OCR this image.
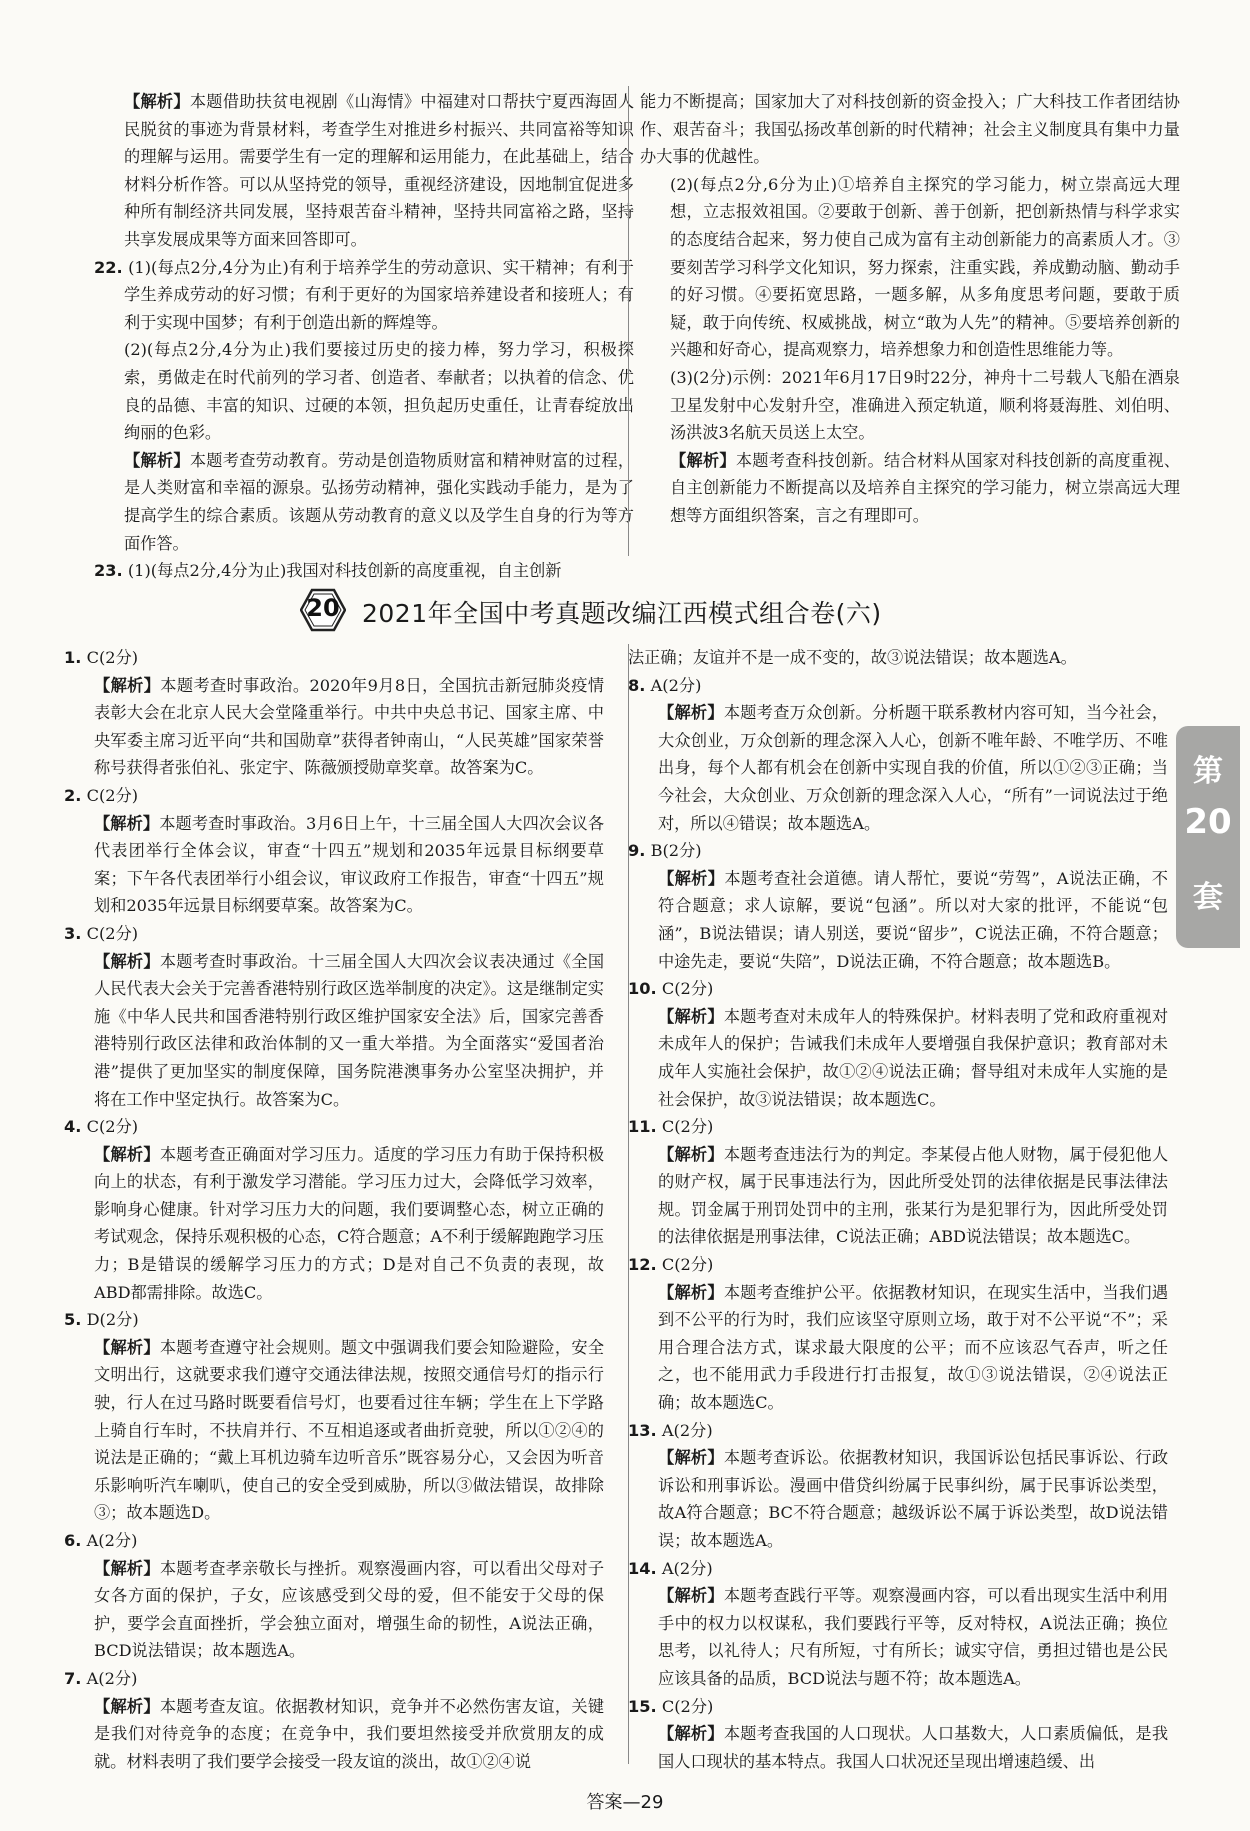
【解析】本题借助扶贫电视剧《山海情》中福建对口帮扶宁夏西海固人民脱贫的事迹为背景材料，考查学生对推进乡村振兴、共同富裕等知识的理解与运用。需要学生有一定的理解和运用能力，在此基础上，结合材料分析作答。可以从坚持党的领导，重视经济建设，因地制宜促进多种所有制经济共同发展，坚持艰苦奋斗精神，坚持共同富裕之路，坚持共享发展成果等方面来回答即可。

22. (1)(每点2分,4分为止)有利于培养学生的劳动意识、实干精神；有利于学生养成劳动的好习惯；有利于更好的为国家培养建设者和接班人；有利于实现中国梦；有利于创造出新的辉煌等。

(2)(每点2分,4分为止)我们要接过历史的接力棒，努力学习，积极探索，勇做走在时代前列的学习者、创造者、奉献者；以执着的信念、优良的品德、丰富的知识、过硬的本领，担负起历史重任，让青春绽放出绚丽的色彩。

【解析】本题考查劳动教育。劳动是创造物质财富和精神财富的过程，是人类财富和幸福的源泉。弘扬劳动精神，强化实践动手能力，是为了提高学生的综合素质。该题从劳动教育的意义以及学生自身的行为等方面作答。

23. (1)(每点2分,4分为止)我国对科技创新的高度重视，自主创新

能力不断提高；国家加大了对科技创新的资金投入；广大科技工作者团结协作、艰苦奋斗；我国弘扬改革创新的时代精神；社会主义制度具有集中力量办大事的优越性。

(2)(每点2分,6分为止)①培养自主探究的学习能力，树立崇高远大理想，立志报效祖国。②要敢于创新、善于创新，把创新热情与科学求实的态度结合起来，努力使自己成为富有主动创新能力的高素质人才。③要刻苦学习科学文化知识，努力探索，注重实践，养成勤动脑、勤动手的好习惯。④要拓宽思路，一题多解，从多角度思考问题，要敢于质疑，敢于向传统、权威挑战，树立“敢为人先”的精神。⑤要培养创新的兴趣和好奇心，提高观察力，培养想象力和创造性思维能力等。

(3)(2分)示例：2021年6月17日9时22分，神舟十二号载人飞船在酒泉卫星发射中心发射升空，准确进入预定轨道，顺利将聂海胜、刘伯明、汤洪波3名航天员送上太空。

【解析】本题考查科技创新。结合材料从国家对科技创新的高度重视、自主创新能力不断提高以及培养自主探究的学习能力，树立崇高远大理想等方面组织答案，言之有理即可。

20 2021年全国中考真题改编江西模式组合卷(六)

1. C(2分)

【解析】本题考查时事政治。2020年9月8日，全国抗击新冠肺炎疫情表彰大会在北京人民大会堂隆重举行。中共中央总书记、国家主席、中央军委主席习近平向“共和国勋章”获得者钟南山，“人民英雄”国家荣誉称号获得者张伯礼、张定宇、陈薇颁授勋章奖章。故答案为C。

2. C(2分)

【解析】本题考查时事政治。3月6日上午，十三届全国人大四次会议各代表团举行全体会议，审查“十四五”规划和2035年远景目标纲要草案；下午各代表团举行小组会议，审议政府工作报告，审查“十四五”规划和2035年远景目标纲要草案。故答案为C。

3. C(2分)

【解析】本题考查时事政治。十三届全国人大四次会议表决通过《全国人民代表大会关于完善香港特别行政区选举制度的决定》。这是继制定实施《中华人民共和国香港特别行政区维护国家安全法》后，国家完善香港特别行政区法律和政治体制的又一重大举措。为全面落实“爱国者治港”提供了更加坚实的制度保障，国务院港澳事务办公室坚决拥护，并将在工作中坚定执行。故答案为C。

4. C(2分)

【解析】本题考查正确面对学习压力。适度的学习压力有助于保持积极向上的状态，有利于激发学习潜能。学习压力过大，会降低学习效率，影响身心健康。针对学习压力大的问题，我们要调整心态，树立正确的考试观念，保持乐观积极的心态，C符合题意；A不利于缓解跑跑学习压力；B是错误的缓解学习压力的方式；D是对自己不负责的表现，故ABD都需排除。故选C。

5. D(2分)

【解析】本题考查遵守社会规则。题文中强调我们要会知险避险，安全文明出行，这就要求我们遵守交通法律法规，按照交通信号灯的指示行驶，行人在过马路时既要看信号灯，也要看过往车辆；学生在上下学路上骑自行车时，不扶肩并行、不互相追逐或者曲折竞驶，所以①②④的说法是正确的；“戴上耳机边骑车边听音乐”既容易分心，又会因为听音乐影响听汽车喇叭，使自己的安全受到威胁，所以③做法错误，故排除③；故本题选D。

6. A(2分)

【解析】本题考查孝亲敬长与挫折。观察漫画内容，可以看出父母对子女各方面的保护，子女，应该感受到父母的爱，但不能安于父母的保护，要学会直面挫折，学会独立面对，增强生命的韧性，A说法正确，BCD说法错误；故本题选A。

7. A(2分)

【解析】本题考查友谊。依据教材知识，竞争并不必然伤害友谊，关键是我们对待竞争的态度；在竞争中，我们要坦然接受并欣赏朋友的成就。材料表明了我们要学会接受一段友谊的淡出，故①②④说

法正确；友谊并不是一成不变的，故③说法错误；故本题选A。

8. A(2分)

【解析】本题考查万众创新。分析题干联系教材内容可知，当今社会，大众创业，万众创新的理念深入人心，创新不唯年龄、不唯学历、不唯出身，每个人都有机会在创新中实现自我的价值，所以①②③正确；当今社会，大众创业、万众创新的理念深入人心，“所有”一词说法过于绝对，所以④错误；故本题选A。

9. B(2分)

【解析】本题考查社会道德。请人帮忙，要说“劳驾”，A说法正确，不符合题意；求人谅解，要说“包涵”。所以对大家的批评，不能说“包涵”，B说法错误；请人别送，要说“留步”，C说法正确，不符合题意；中途先走，要说“失陪”，D说法正确，不符合题意；故本题选B。

10. C(2分)

【解析】本题考查对未成年人的特殊保护。材料表明了党和政府重视对未成年人的保护；告诫我们未成年人要增强自我保护意识；教育部对未成年人实施社会保护，故①②④说法正确；督导组对未成年人实施的是社会保护，故③说法错误；故本题选C。

11. C(2分)

【解析】本题考查违法行为的判定。李某侵占他人财物，属于侵犯他人的财产权，属于民事违法行为，因此所受处罚的法律依据是民事法律法规。罚金属于刑罚处罚中的主刑，张某行为是犯罪行为，因此所受处罚的法律依据是刑事法律，C说法正确；ABD说法错误；故本题选C。

12. C(2分)

【解析】本题考查维护公平。依据教材知识，在现实生活中，当我们遇到不公平的行为时，我们应该坚守原则立场，敢于对不公平说“不”；采用合理合法方式，谋求最大限度的公平；而不应该忍气吞声，听之任之，也不能用武力手段进行打击报复，故①③说法错误，②④说法正确；故本题选C。

13. A(2分)

【解析】本题考查诉讼。依据教材知识，我国诉讼包括民事诉讼、行政诉讼和刑事诉讼。漫画中借贷纠纷属于民事纠纷，属于民事诉讼类型，故A符合题意；BC不符合题意；越级诉讼不属于诉讼类型，故D说法错误；故本题选A。

14. A(2分)

【解析】本题考查践行平等。观察漫画内容，可以看出现实生活中利用手中的权力以权谋私，我们要践行平等，反对特权，A说法正确；换位思考，以礼待人；尺有所短，寸有所长；诚实守信，勇担过错也是公民应该具备的品质，BCD说法与题不符；故本题选A。

15. C(2分)

【解析】本题考查我国的人口现状。人口基数大，人口素质偏低，是我国人口现状的基本特点。我国人口状况还呈现出增速趋缓、出

第
20
套
答案—29
